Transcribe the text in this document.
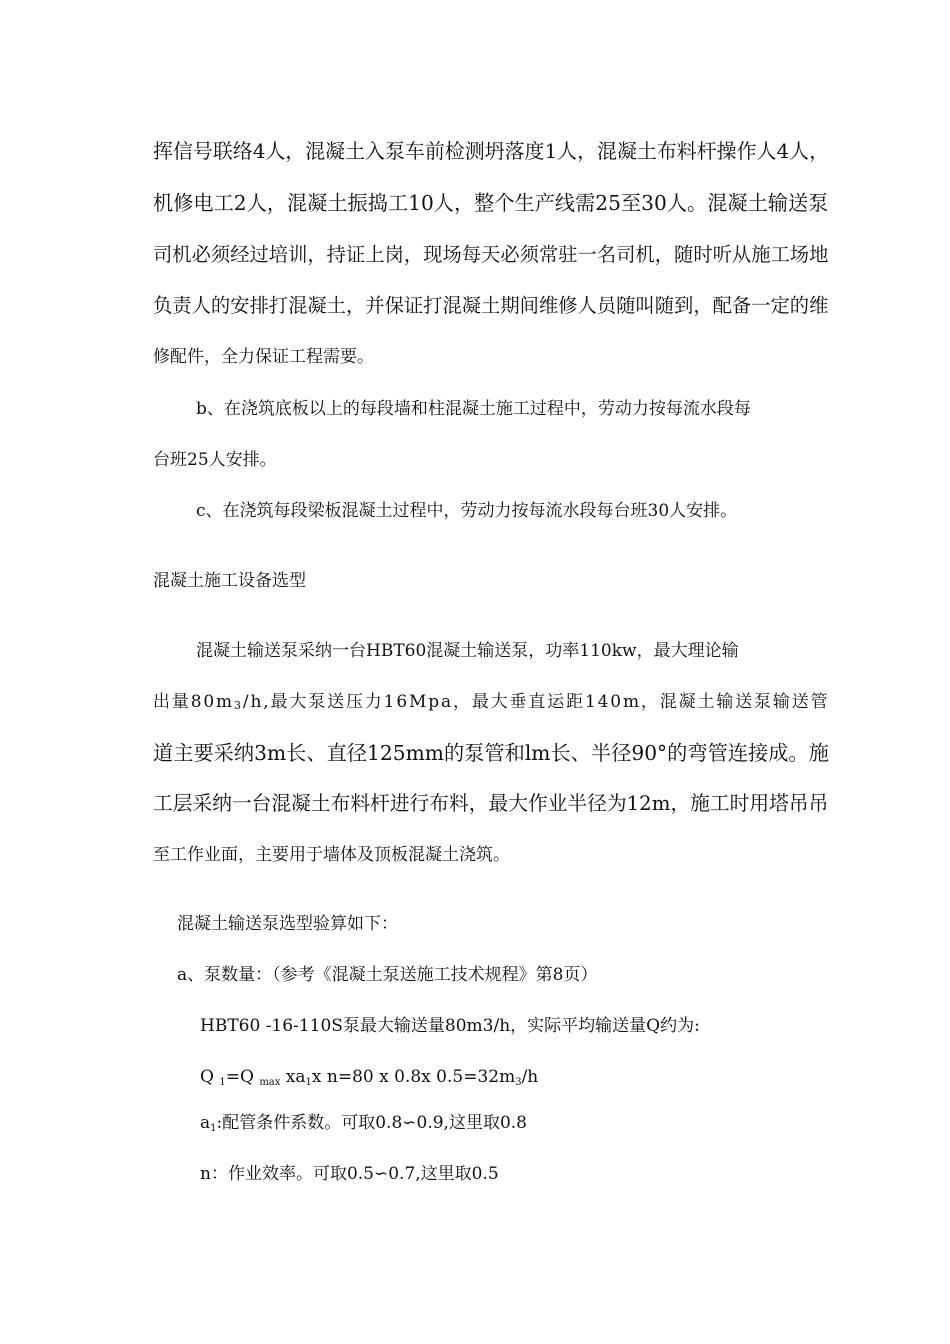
挥信号联络4人，混凝土入泵车前检测坍落度1人，混凝土布料杆操作人4人，
机修电工2人，混凝土振捣工10人，整个生产线需25至30人。混凝土输送泵
司机必须经过培训，持证上岗，现场每天必须常驻一名司机，随时听从施工场地
负责人的安排打混凝土，并保证打混凝土期间维修人员随叫随到，配备一定的维
修配件，全力保证工程需要。
b、在浇筑底板以上的每段墙和柱混凝土施工过程中，劳动力按每流水段每
台班25人安排。
c、在浇筑每段梁板混凝土过程中，劳动力按每流水段每台班30人安排。
混凝土施工设备选型
混凝土输送泵采纳一台HBT60混凝土输送泵，功率110kw，最大理论输
出量80m3/h,最大泵送压力16Mpa，最大垂直运距140m，混凝土输送泵输送管
道主要采纳3m长、直径125mm的泵管和lm长、半径90°的弯管连接成。施
工层采纳一台混凝土布料杆进行布料，最大作业半径为12m，施工时用塔吊吊
至工作业面，主要用于墙体及顶板混凝土浇筑。
混凝土输送泵选型验算如下：
a、泵数量：（参考《混凝土泵送施工技术规程》第8页）
HBT60 -16-110S泵最大输送量80m3/h，实际平均输送量Q约为:
Q 1=Q max xa1x n=80 x 0.8x 0.5=32m3/h
a1:配管条件系数。可取0.8∽0.9,这里取0.8
n：作业效率。可取0.5∽0.7,这里取0.5
